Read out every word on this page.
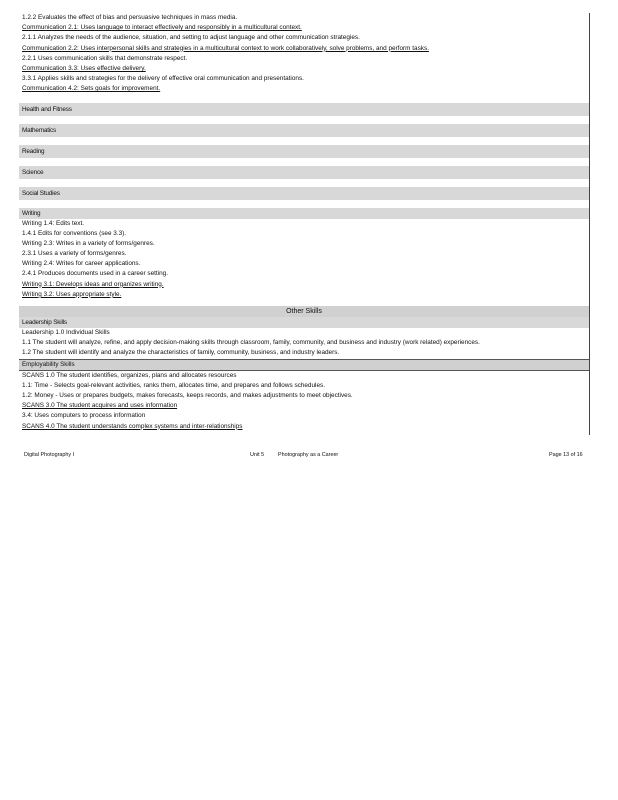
1.2.2 Evaluates the effect of bias and persuasive techniques in mass media.
Communication 2.1: Uses language to interact effectively and responsibly in a multicultural context.
2.1.1 Analyzes the needs of the audience, situation, and setting to adjust language and other communication strategies.
Communication 2.2: Uses interpersonal skills and strategies in a multicultural context to work collaboratively, solve problems, and perform tasks.
2.2.1 Uses communication skills that demonstrate respect.
Communication 3.3: Uses effective delivery.
3.3.1 Applies skills and strategies for the delivery of effective oral communication and presentations.
Communication 4.2: Sets goals for improvement.
Health and Fitness
Mathematics
Reading
Science
Social Studies
Writing
Writing 1.4: Edits text.
1.4.1 Edits for conventions (see 3.3).
Writing 2.3: Writes in a variety of forms/genres.
2.3.1 Uses a variety of forms/genres.
Writing 2.4: Writes for career applications.
2.4.1 Produces documents used in a career setting.
Writing 3.1: Develops ideas and organizes writing.
Writing 3.2: Uses appropriate style.
Other Skills
Leadership Skills
Leadership 1.0 Individual Skills
1.1 The student will analyze, refine, and apply decision-making skills through classroom, family, community, and business and industry (work related) experiences.
1.2 The student will identify and analyze the characteristics of family, community, business, and industry leaders.
Employability Skills
SCANS 1.0 The student identifies, organizes, plans and allocates resources
1.1: Time - Selects goal-relevant activities, ranks them, allocates time, and prepares and follows schedules.
1.2: Money - Uses or prepares budgets, makes forecasts, keeps records, and makes adjustments to meet objectives.
SCANS 3.0 The student acquires and uses information
3.4: Uses computers to process information
SCANS 4.0 The student understands complex systems and inter-relationships
Digital Photography I	Unit 5	Photography as a Career	Page 13 of 16
